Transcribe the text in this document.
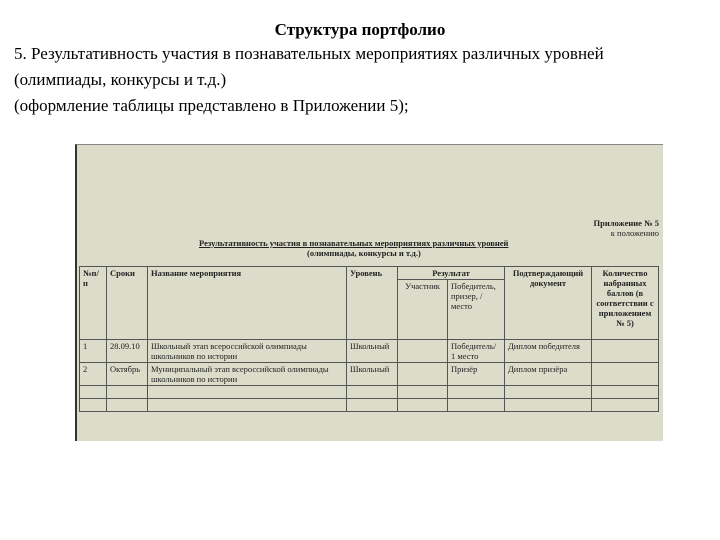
Структура портфолио
5. Результативность участия в познавательных мероприятиях различных уровней
(олимпиады, конкурсы и т.д.)
(оформление таблицы представлено в Приложении 5);
Приложение № 5
к положению
Результативность участия в познавательных мероприятиях различных уровней
(олимпиады, конкурсы и т.д.)
№п/п	Сроки	Название мероприятия	Уровень	Результат		Подтверждающий документ	Количество набранных баллов (в соответствии с приложением № 5)
				Участник	Победитель, призер, /место		
1	28.09.10	Школьный этап всероссийской олимпиады школьников по истории	Школьный		Победитель/ 1 место	Диплом победителя	
2	Октябрь	Муниципальный этап всероссийской олимпиады школьников по истории	Школьный		Призёр	Диплом призёра	
